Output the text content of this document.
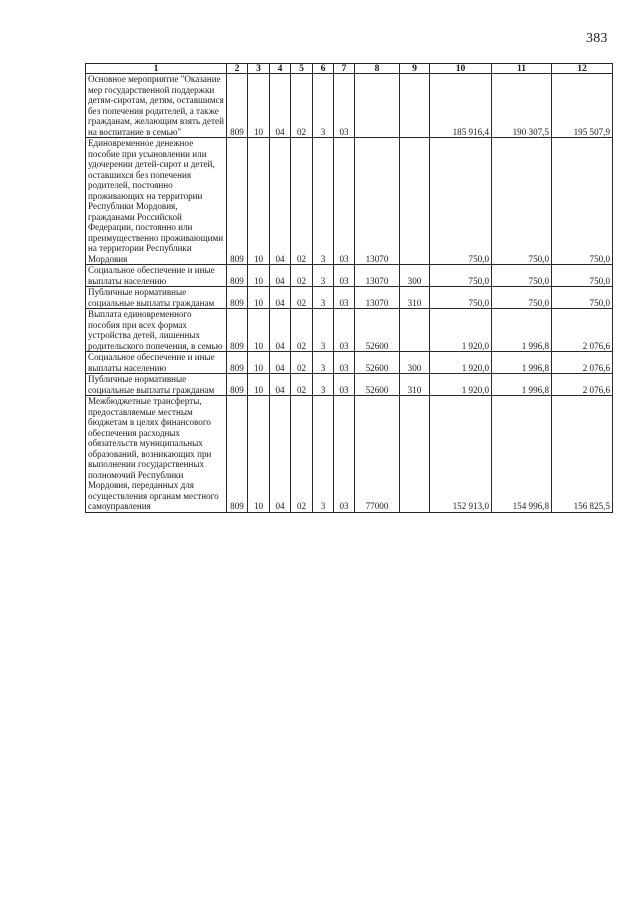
383
1	2	3	4	5	6	7	8	9	10	11	12
Основное мероприятие "Оказание мер государственной поддержки детям-сиротам, детям, оставшимся без попечения родителей, а также гражданам, желающим взять детей на воспитание в семью"	809	10	04	02	3	03			185 916,4	190 307,5	195 507,9
Единовременное денежное пособие при усыновлении или удочерении детей-сирот и детей, оставшихся без попечения родителей, постоянно проживающих на территории Республики Мордовия, гражданами Российской Федерации, постоянно или преимущественно проживающими на территории Республики Мордовия	809	10	04	02	3	03	13070		750,0	750,0	750,0
Социальное обеспечение и иные выплаты населению	809	10	04	02	3	03	13070	300	750,0	750,0	750,0
Публичные нормативные социальные выплаты гражданам	809	10	04	02	3	03	13070	310	750,0	750,0	750,0
Выплата единовременного пособия при всех формах устройства детей, лишенных родительского попечения, в семью	809	10	04	02	3	03	52600		1 920,0	1 996,8	2 076,6
Социальное обеспечение и иные выплаты населению	809	10	04	02	3	03	52600	300	1 920,0	1 996,8	2 076,6
Публичные нормативные социальные выплаты гражданам	809	10	04	02	3	03	52600	310	1 920,0	1 996,8	2 076,6
Межбюджетные трансферты, предоставляемые местным бюджетам в целях финансового обеспечения расходных обязательств муниципальных образований, возникающих при выполнении государственных полномочий Республики Мордовия, переданных для осуществления органам местного самоуправления	809	10	04	02	3	03	77000		152 913,0	154 996,8	156 825,5
